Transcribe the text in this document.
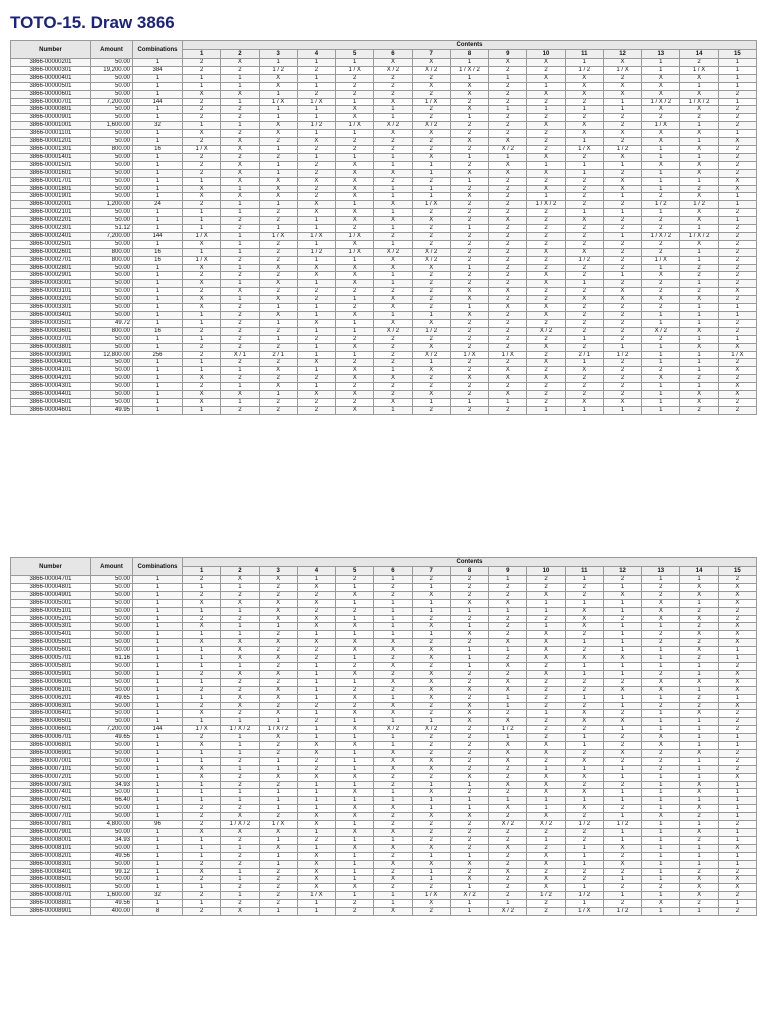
TOTO-15. Draw 3866
Number	Amount	Combinations	Contents														
			1	2	3	4	5	6	7	8	9	10	11	12	13	14	15
3866-00000201	50.00	1	2	X	1	1	1	X	X	1	X	X	1	X	1	2	1
3866-00000301	19,200.00	384	2	2	1 / 2	2	1 / X	X / 2	X / 2	1 / X / 2	2	2	1 / 2	1 / X	1	1 / X	1
3866-00000401	50.00	1	1	1	X	1	2	2	2	1	1	X	X	2	X	X	1
3866-00000501	50.00	1	1	1	X	1	2	2	X	X	2	1	X	X	X	1	1
3866-00000601	50.00	1	X	X	1	2	2	2	2	X	2	X	X	X	X	X	2
3866-00000701	7,200.00	144	2	1	1 / X	1 / X	1	X	1 / X	2	2	2	2	1	1 / X / 2	1 / X / 2	1
3866-00000801	50.00	1	2	2	1	1	X	1	2	X	1	1	1	1	X	X	2
3866-00000901	50.00	1	2	2	1	1	X	1	2	1	2	2	2	2	2	2	2
3866-00001001	1,600.00	32	1	1	X	1 / 2	1 / X	X / 2	X / 2	2	2	X	X	2	1 / X	1	2
3866-00001101	50.00	1	X	2	X	1	1	X	X	2	2	2	X	X	X	X	1
3866-00001201	50.00	1	2	X	2	X	2	2	2	X	X	2	1	2	X	1	X
3866-00001301	800.00	16	1 / X	X	1	2	2	2	2	2	X / 2	2	1 / X	1 / 2	1	X	2
3866-00001401	50.00	1	2	2	2	1	1	1	X	1	1	X	2	X	1	1	2
3866-00001501	50.00	1	2	X	1	2	X	1	1	2	X	1	1	1	X	X	2
3866-00001601	50.00	1	2	X	1	2	X	X	1	X	X	X	1	2	1	X	2
3866-00001701	50.00	1	1	X	X	X	X	2	2	1	2	2	2	X	1	1	X
3866-00001801	50.00	1	X	1	X	2	X	1	1	2	2	X	2	X	1	2	X
3866-00001901	50.00	1	X	X	X	2	X	1	1	X	2	1	2	1	2	X	1
3866-00002001	1,200.00	24	2	1	1	X	1	X	1 / X	2	2	1 / X / 2	2	2	1 / 2	1 / 2	1
3866-00002101	50.00	1	1	1	2	X	X	1	2	2	2	2	1	1	1	X	2
3866-00002201	50.00	1	1	2	2	1	X	X	X	2	X	2	X	2	2	X	1
3866-00002301	51.12	1	1	2	1	1	2	1	2	1	2	2	2	2	2	1	2
3866-00002401	7,200.00	144	1 / X	1	1 / X	1 / X	1 / X	2	2	2	2	2	2	1	1 / X / 2	1 / X / 2	2
3866-00002501	50.00	1	X	1	2	1	X	1	2	2	2	2	2	2	2	X	2
3866-00002601	800.00	16	1	1	2	1 / 2	1 / X	X / 2	X / 2	2	2	X	X	2	2	1	2
3866-00002701	800.00	16	1 / X	2	2	1	1	X	X / 2	2	2	2	1 / 2	2	1 / X	1	2
3866-00002801	50.00	1	X	1	X	X	X	X	X	1	2	2	2	2	1	2	2
3866-00002901	50.00	1	2	2	2	X	X	1	2	2	2	X	2	1	X	2	2
3866-00003001	50.00	1	X	1	X	1	X	1	2	2	2	X	1	2	2	1	2
3866-00003101	50.00	1	2	X	2	2	2	2	2	X	X	2	2	X	2	2	X
3866-00003201	50.00	1	X	1	X	2	1	X	2	X	2	2	X	X	X	X	2
3866-00003301	50.00	1	X	2	1	1	2	X	2	1	X	X	2	2	2	1	1
3866-00003401	50.00	1	1	2	X	1	X	1	1	X	2	X	2	2	1	1	1
3866-00003501	49.72	1	1	2	1	X	1	X	X	2	2	2	2	2	1	1	2
3866-00003601	800.00	16	2	2	2	1	1	X / 2	1 / 2	2	2	X / 2	2	2	X / 2	X	2
3866-00003701	50.00	1	1	2	1	2	2	2	2	2	2	2	1	2	2	1	1
3866-00003801	50.00	1	2	2	2	1	X	2	X	2	2	X	2	1	1	X	X
3866-00003901	12,800.00	256	2	X / 1	2 / 1	1	1	2	X / 2	1 / X	1 / X	2	2 / 1	1 / 2	1	1	1 / X
3866-00004001	50.00	1	1	2	2	X	2	2	1	2	2	X	1	2	1	1	2
3866-00004101	50.00	1	1	1	X	1	X	1	X	2	X	2	X	2	2	1	X
3866-00004201	50.00	1	X	2	2	2	X	X	2	X	X	X	2	2	X	2	2
3866-00004301	50.00	1	2	1	X	1	2	2	2	2	2	2	2	2	1	1	X
3866-00004401	50.00	1	X	X	1	X	X	2	X	2	X	2	2	2	1	X	X
3866-00004501	50.00	1	X	1	2	2	2	X	1	1	1	2	X	X	1	X	2
3866-00004601	49.95	1	1	2	2	2	X	1	2	2	2	1	1	1	1	2	2
Number	Amount	Combinations	Contents														
			1	2	3	4	5	6	7	8	9	10	11	12	13	14	15
3866-00004701	50.00	1	2	X	X	1	2	1	2	2	1	2	1	2	1	1	2
3866-00004801	50.00	1	1	1	2	X	1	2	1	2	2	2	2	1	2	X	X
3866-00004901	50.00	1	2	2	2	2	X	2	X	2	2	X	2	X	2	X	X
3866-00005001	50.00	1	X	X	X	X	1	1	1	X	X	1	1	1	X	1	X
3866-00005101	50.00	1	1	1	X	2	2	1	1	1	1	1	X	1	X	2	2
3866-00005201	50.00	1	2	2	X	X	1	1	2	2	2	2	X	2	X	X	2
3866-00005301	50.00	1	X	1	1	X	X	1	X	1	2	1	X	1	1	2	X
3866-00005401	50.00	1	1	1	2	1	1	1	1	X	2	X	2	1	2	X	X
3866-00005501	50.00	1	X	X	X	X	X	X	2	2	X	X	1	1	2	2	X
3866-00005601	50.00	1	1	X	2	2	X	X	X	1	1	X	2	1	1	X	1
3866-00005701	61.16	1	1	X	X	2	1	2	X	1	2	X	X	X	1	2	1
3866-00005801	50.00	1	1	1	2	1	2	X	2	1	X	2	1	1	1	1	2
3866-00005901	50.00	1	2	X	X	1	X	2	X	2	2	X	1	1	2	1	X
3866-00006001	50.00	1	1	2	2	1	1	X	X	2	X	2	2	2	X	X	X
3866-00006101	50.00	1	2	2	X	1	2	2	X	X	X	2	2	X	X	1	X
3866-00006201	49.65	1	1	X	X	1	X	1	X	2	1	2	1	1	1	2	1
3866-00006301	50.00	1	2	X	2	2	2	X	2	X	1	2	2	1	2	2	X
3866-00006401	50.00	1	X	2	X	1	X	X	2	X	2	1	X	2	1	X	2
3866-00006501	50.00	1	1	1	1	2	1	1	1	X	X	2	X	X	1	1	2
3866-00006601	7,200.00	144	1 / X	1 / X / 2	1 / X / 2	1	X	X / 2	X / 2	2	1 / 2	2	2	1	1	1	2
3866-00006701	49.65	1	2	1	X	1	1	1	2	2	1	2	1	2	X	1	1
3866-00006801	50.00	1	X	1	2	X	X	1	2	2	X	X	1	2	X	1	1
3866-00006901	50.00	1	1	1	2	X	1	X	2	2	X	X	2	X	2	X	2
3866-00007001	50.00	1	1	2	1	2	1	X	X	2	X	2	X	2	2	1	2
3866-00007101	50.00	1	X	1	1	2	1	X	X	2	2	1	1	1	2	1	2
3866-00007201	50.00	1	X	2	X	X	X	2	2	X	2	X	X	1	1	1	X
3866-00007301	34.93	1	1	2	2	1	1	2	1	1	X	X	2	2	1	X	1
3866-00007401	50.00	1	1	1	1	1	X	1	X	2	2	X	X	1	1	X	1
3866-00007501	66.40	1	1	1	1	1	1	1	1	1	1	1	1	1	1	1	1
3866-00007601	50.00	1	2	2	1	1	X	X	1	1	X	1	X	2	1	X	1
3866-00007701	50.00	1	2	X	2	X	X	2	X	X	2	X	2	1	X	2	1
3866-00007801	4,800.00	96	2	1 / X / 2	1 / X	X	1	2	2	2	X / 2	X / 2	1 / 2	1 / 2	1	1	2
3866-00007901	50.00	1	X	X	X	1	X	X	2	2	2	2	2	1	1	X	1
3866-00008001	34.93	1	1	2	1	2	1	1	2	2	2	1	2	1	1	2	1
3866-00008101	50.00	1	1	1	X	1	X	X	X	2	X	2	1	X	1	1	X
3866-00008201	49.56	1	1	2	1	X	1	2	1	1	2	X	1	2	1	1	1
3866-00008301	50.00	1	2	2	1	X	1	X	X	X	2	X	1	X	1	1	1
3866-00008401	99.12	1	X	1	2	X	1	2	1	2	X	2	2	2	1	2	2
3866-00008501	50.00	1	2	1	2	X	1	X	1	X	2	X	2	1	1	X	X
3866-00008601	50.00	1	1	2	2	X	X	2	2	1	2	X	1	2	2	X	X
3866-00008701	1,600.00	32	2	1	2	1 / X	1	1	1 / X	X / 2	2	1 / 2	1 / 2	1	1	X	2
3866-00008801	49.56	1	1	2	2	1	2	1	X	1	1	2	1	2	X	2	1
3866-00008901	400.00	8	2	X	1	1	2	X	2	1	X / 2	2	1 / X	1 / 2	1	1	2
